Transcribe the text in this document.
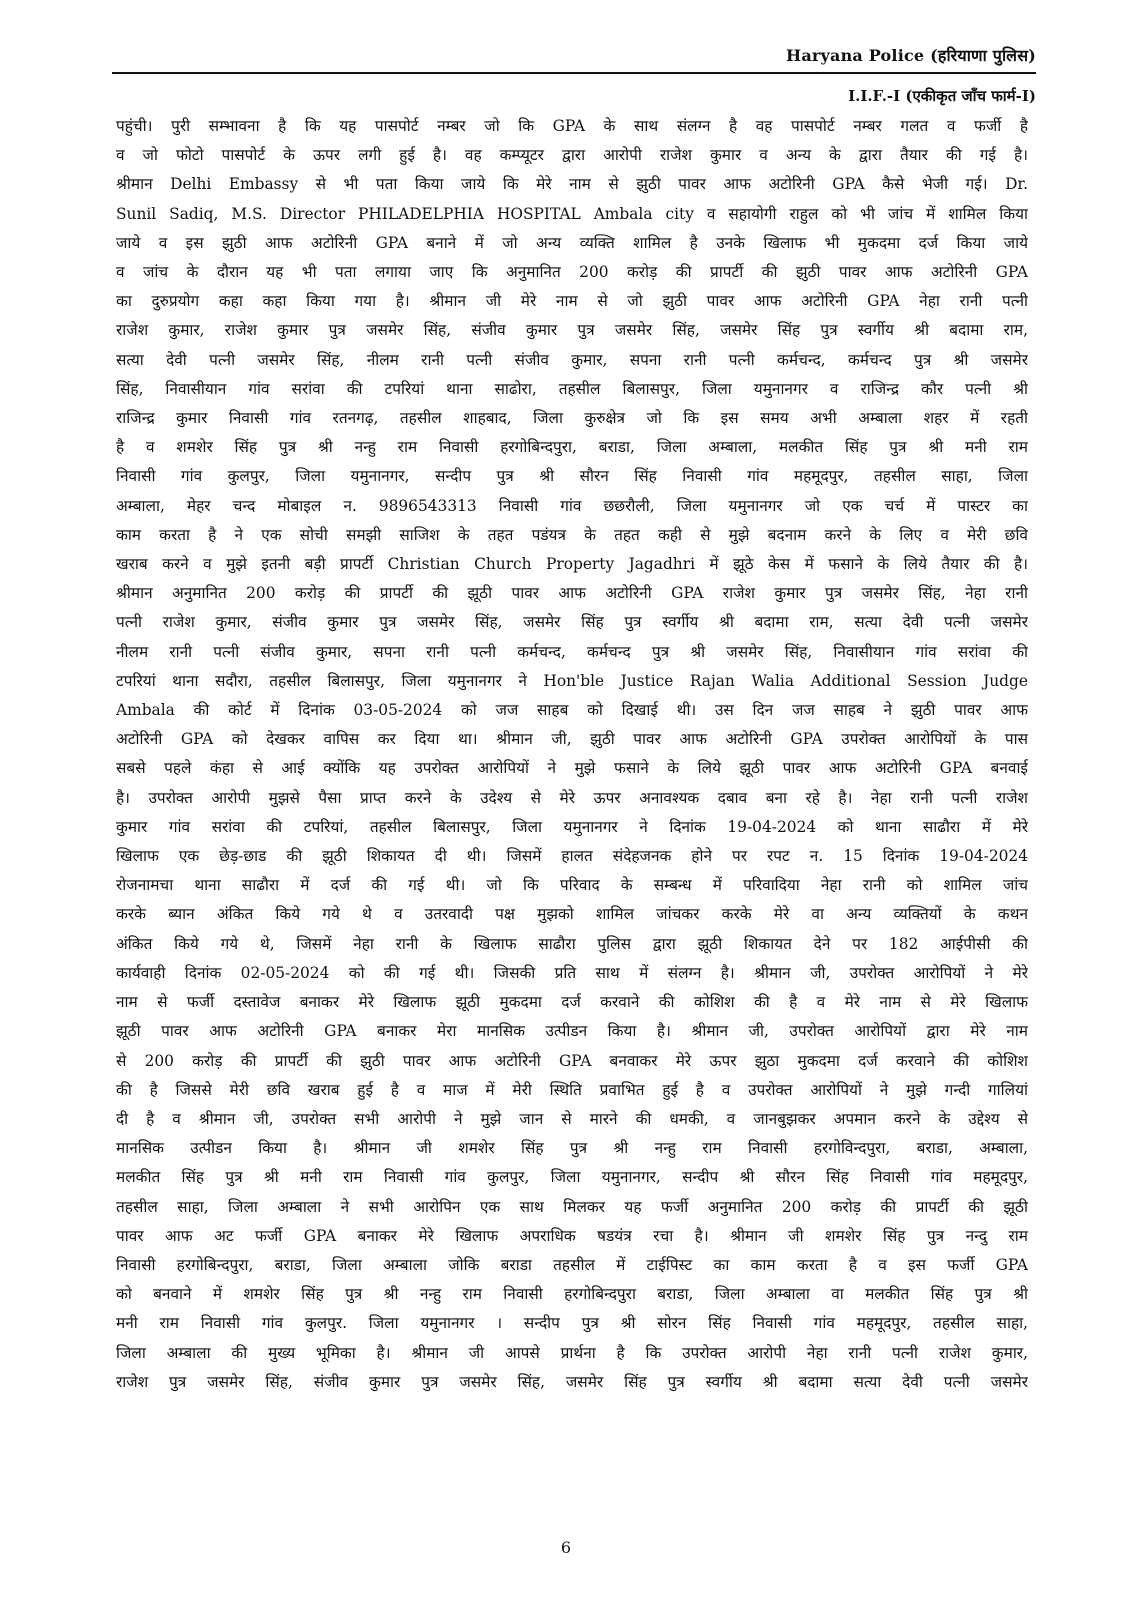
Haryana Police (हरियाणा पुलिस)
I.I.F.-I (एकीकृत जाँच फार्म-I)
पहुंची। पुरी सम्भावना है कि यह पासपोर्ट नम्बर जो कि GPA के साथ संलग्न है वह पासपोर्ट नम्बर गलत व फर्जी है
व जो फोटो पासपोर्ट के ऊपर लगी हुई है। वह कम्प्यूटर द्वारा आरोपी राजेश कुमार व अन्य के द्वारा तैयार की गई है।
श्रीमान Delhi Embassy से भी पता किया जाये कि मेरे नाम से झुठी पावर आफ अटोरिनी GPA कैसे भेजी गई। Dr.
Sunil Sadiq, M.S. Director PHILADELPHIA HOSPITAL Ambala city व सहायोगी राहुल को भी जांच में शामिल किया
जाये व इस झुठी आफ अटोरिनी GPA बनाने में जो अन्य व्यक्ति शामिल है उनके खिलाफ भी मुकदमा दर्ज किया जाये
व जांच के दौरान यह भी पता लगाया जाए कि अनुमानित 200 करोड़ की प्रापर्टी की झुठी पावर आफ अटोरिनी GPA
का दुरुप्रयोग कहा कहा किया गया है। श्रीमान जी मेरे नाम से जो झुठी पावर आफ अटोरिनी GPA नेहा रानी पत्नी
राजेश कुमार, राजेश कुमार पुत्र जसमेर सिंह, संजीव कुमार पुत्र जसमेर सिंह, जसमेर सिंह पुत्र स्वर्गीय श्री बदामा राम,
सत्या देवी पत्नी जसमेर सिंह, नीलम रानी पत्नी संजीव कुमार, सपना रानी पत्नी कर्मचन्द, कर्मचन्द पुत्र श्री जसमेर
सिंह, निवासीयान गांव सरांवा की टपरियां थाना साढोरा, तहसील बिलासपुर, जिला यमुनानगर व राजिन्द्र कौर पत्नी श्री
राजिन्द्र कुमार निवासी गांव रतनगढ़, तहसील शाहबाद, जिला कुरुक्षेत्र जो कि इस समय अभी अम्बाला शहर में रहती
है व शमशेर सिंह पुत्र श्री नन्हु राम निवासी हरगोबिन्दपुरा, बराडा, जिला अम्बाला, मलकीत सिंह पुत्र श्री मनी राम
निवासी गांव कुलपुर, जिला यमुनानगर, सन्दीप पुत्र श्री सौरन सिंह निवासी गांव महमूदपुर, तहसील साहा, जिला
अम्बाला, मेहर चन्द मोबाइल न. 9896543313 निवासी गांव छछरौली, जिला यमुनानगर जो एक चर्च में पास्टर का
काम करता है ने एक सोची समझी साजिश के तहत पडंयत्र के तहत कही से मुझे बदनाम करने के लिए व मेरी छवि
खराब करने व मुझे इतनी बड़ी प्रापर्टी Christian Church Property Jagadhri में झूठे केस में फसाने के लिये तैयार की है।
श्रीमान अनुमानित 200 करोड़ की प्रापर्टी की झूठी पावर आफ अटोरिनी GPA राजेश कुमार पुत्र जसमेर सिंह, नेहा रानी
पत्नी राजेश कुमार, संजीव कुमार पुत्र जसमेर सिंह, जसमेर सिंह पुत्र स्वर्गीय श्री बदामा राम, सत्या देवी पत्नी जसमेर
नीलम रानी पत्नी संजीव कुमार, सपना रानी पत्नी कर्मचन्द, कर्मचन्द पुत्र श्री जसमेर सिंह, निवासीयान गांव सरांवा की
टपरियां थाना सदौरा, तहसील बिलासपुर, जिला यमुनानगर ने Hon'ble Justice Rajan Walia Additional Session Judge
Ambala की कोर्ट में दिनांक 03-05-2024 को जज साहब को दिखाई थी। उस दिन जज साहब ने झुठी पावर आफ
अटोरिनी GPA को देखकर वापिस कर दिया था। श्रीमान जी, झुठी पावर आफ अटोरिनी GPA उपरोक्त आरोपियों के पास
सबसे पहले कंहा से आई क्योंकि यह उपरोक्त आरोपियों ने मुझे फसाने के लिये झूठी पावर आफ अटोरिनी GPA बनवाई
है। उपरोक्त आरोपी मुझसे पैसा प्राप्त करने के उदेश्य से मेरे ऊपर अनावश्यक दबाव बना रहे है। नेहा रानी पत्नी राजेश
कुमार गांव सरांवा की टपरियां, तहसील बिलासपुर, जिला यमुनानगर ने दिनांक 19-04-2024 को थाना साढौरा में मेरे
खिलाफ एक छेड़-छाड की झूठी शिकायत दी थी। जिसमें हालत संदेहजनक होने पर रपट न. 15 दिनांक 19-04-2024
रोजनामचा थाना साढौरा में दर्ज की गई थी। जो कि परिवाद के सम्बन्ध में परिवादिया नेहा रानी को शामिल जांच
करके ब्यान अंकित किये गये थे व उतरवादी पक्ष मुझको शामिल जांचकर करके मेरे वा अन्य व्यक्तियों के कथन
अंकित किये गये थे, जिसमें नेहा रानी के खिलाफ साढौरा पुलिस द्वारा झूठी शिकायत देने पर 182 आईपीसी की
कार्यवाही दिनांक 02-05-2024 को की गई थी। जिसकी प्रति साथ में संलग्न है। श्रीमान जी, उपरोक्त आरोपियों ने मेरे
नाम से फर्जी दस्तावेज बनाकर मेरे खिलाफ झूठी मुकदमा दर्ज करवाने की कोशिश की है व मेरे नाम से मेरे खिलाफ
झूठी पावर आफ अटोरिनी GPA बनाकर मेरा मानसिक उत्पीडन किया है। श्रीमान जी, उपरोक्त आरोपियों द्वारा मेरे नाम
से 200 करोड़ की प्रापर्टी की झुठी पावर आफ अटोरिनी GPA बनवाकर मेरे ऊपर झुठा मुकदमा दर्ज करवाने की कोशिश
की है जिससे मेरी छवि खराब हुई है व माज में मेरी स्थिति प्रवाभित हुई है व उपरोक्त आरोपियों ने मुझे गन्दी गालियां
दी है व श्रीमान जी, उपरोक्त सभी आरोपी ने मुझे जान से मारने की धमकी, व जानबुझकर अपमान करने के उद्देश्य से
मानसिक उत्पीडन किया है। श्रीमान जी शमशेर सिंह पुत्र श्री नन्हु राम निवासी हरगोविन्दपुरा, बराडा, अम्बाला,
मलकीत सिंह पुत्र श्री मनी राम निवासी गांव कुलपुर, जिला यमुनानगर, सन्दीप श्री सौरन सिंह निवासी गांव महमूदपुर,
तहसील साहा, जिला अम्बाला ने सभी आरोपिन एक साथ मिलकर यह फर्जी अनुमानित 200 करोड़ की प्रापर्टी की झूठी
पावर आफ अट फर्जी GPA बनाकर मेरे खिलाफ अपराधिक षडयंत्र रचा है। श्रीमान जी शमशेर सिंह पुत्र नन्दु राम
निवासी हरगोबिन्दपुरा, बराडा, जिला अम्बाला जोकि बराडा तहसील में टाईपिस्ट का काम करता है व इस फर्जी GPA
को बनवाने में शमशेर सिंह पुत्र श्री नन्हु राम निवासी हरगोबिन्दपुरा बराडा, जिला अम्बाला वा मलकीत सिंह पुत्र श्री
मनी राम निवासी गांव कुलपुर. जिला यमुनानगर । सन्दीप पुत्र श्री सोरन सिंह निवासी गांव महमूदपुर, तहसील साहा,
जिला अम्बाला की मुख्य भूमिका है। श्रीमान जी आपसे प्रार्थना है कि उपरोक्त आरोपी नेहा रानी पत्नी राजेश कुमार,
राजेश पुत्र जसमेर सिंह, संजीव कुमार पुत्र जसमेर सिंह, जसमेर सिंह पुत्र स्वर्गीय श्री बदामा सत्या देवी पत्नी जसमेर
6
